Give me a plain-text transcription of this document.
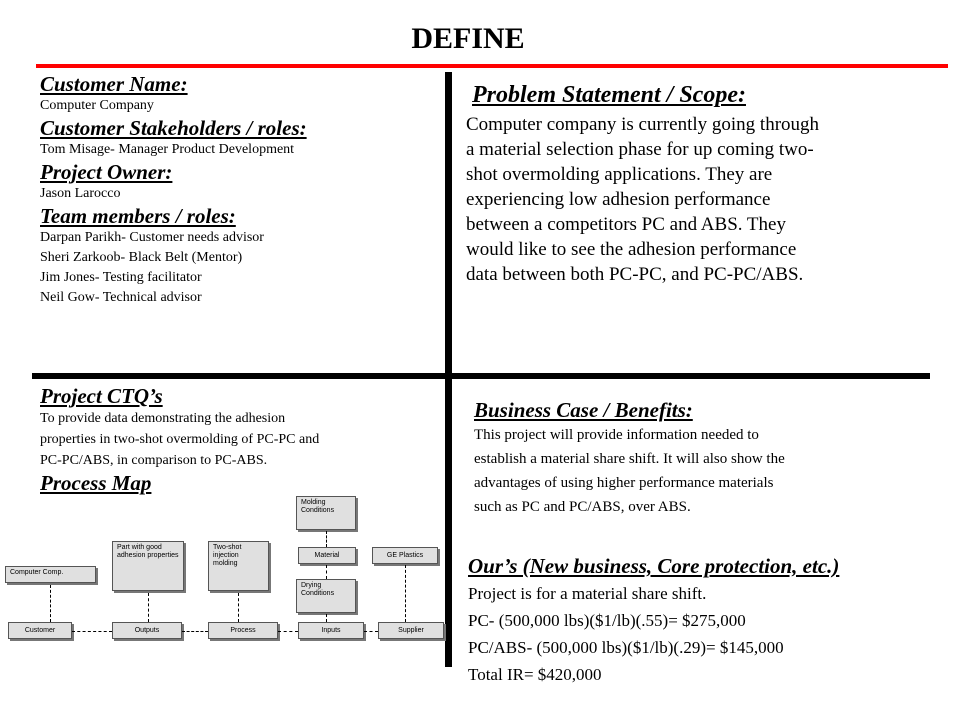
DEFINE
Customer Name:
Computer Company
Customer Stakeholders / roles:
Tom Misage- Manager Product Development
Project Owner:
Jason Larocco
Team members / roles:
Darpan Parikh- Customer needs advisor
Sheri Zarkoob- Black Belt (Mentor)
Jim Jones- Testing facilitator
Neil Gow- Technical advisor
Problem Statement / Scope:
Computer company is currently going through
a material selection phase for up coming two-
shot overmolding applications. They are
experiencing low adhesion performance
between a competitors PC and ABS. They
would like to see the adhesion performance
data between both PC-PC, and PC-PC/ABS.
Project CTQ’s
To provide data demonstrating the adhesion
properties in two-shot overmolding of PC-PC and
PC-PC/ABS, in comparison to PC-ABS.
Process Map
Computer Comp.
Part with good adhesion properties
Two-shot injection molding
Molding Conditions
Material
Drying Conditions
GE Plastics
Customer	Outputs	Process	Inputs	Supplier
Business Case / Benefits:
This project will provide information needed to
establish a material share shift. It will also show the
advantages of using higher performance materials
such as PC and PC/ABS, over ABS.
Our’s (New business, Core protection, etc.)
Project is for a material share shift.
PC- (500,000 lbs)($1/lb)(.55)= $275,000
PC/ABS- (500,000 lbs)($1/lb)(.29)= $145,000
Total IR= $420,000
